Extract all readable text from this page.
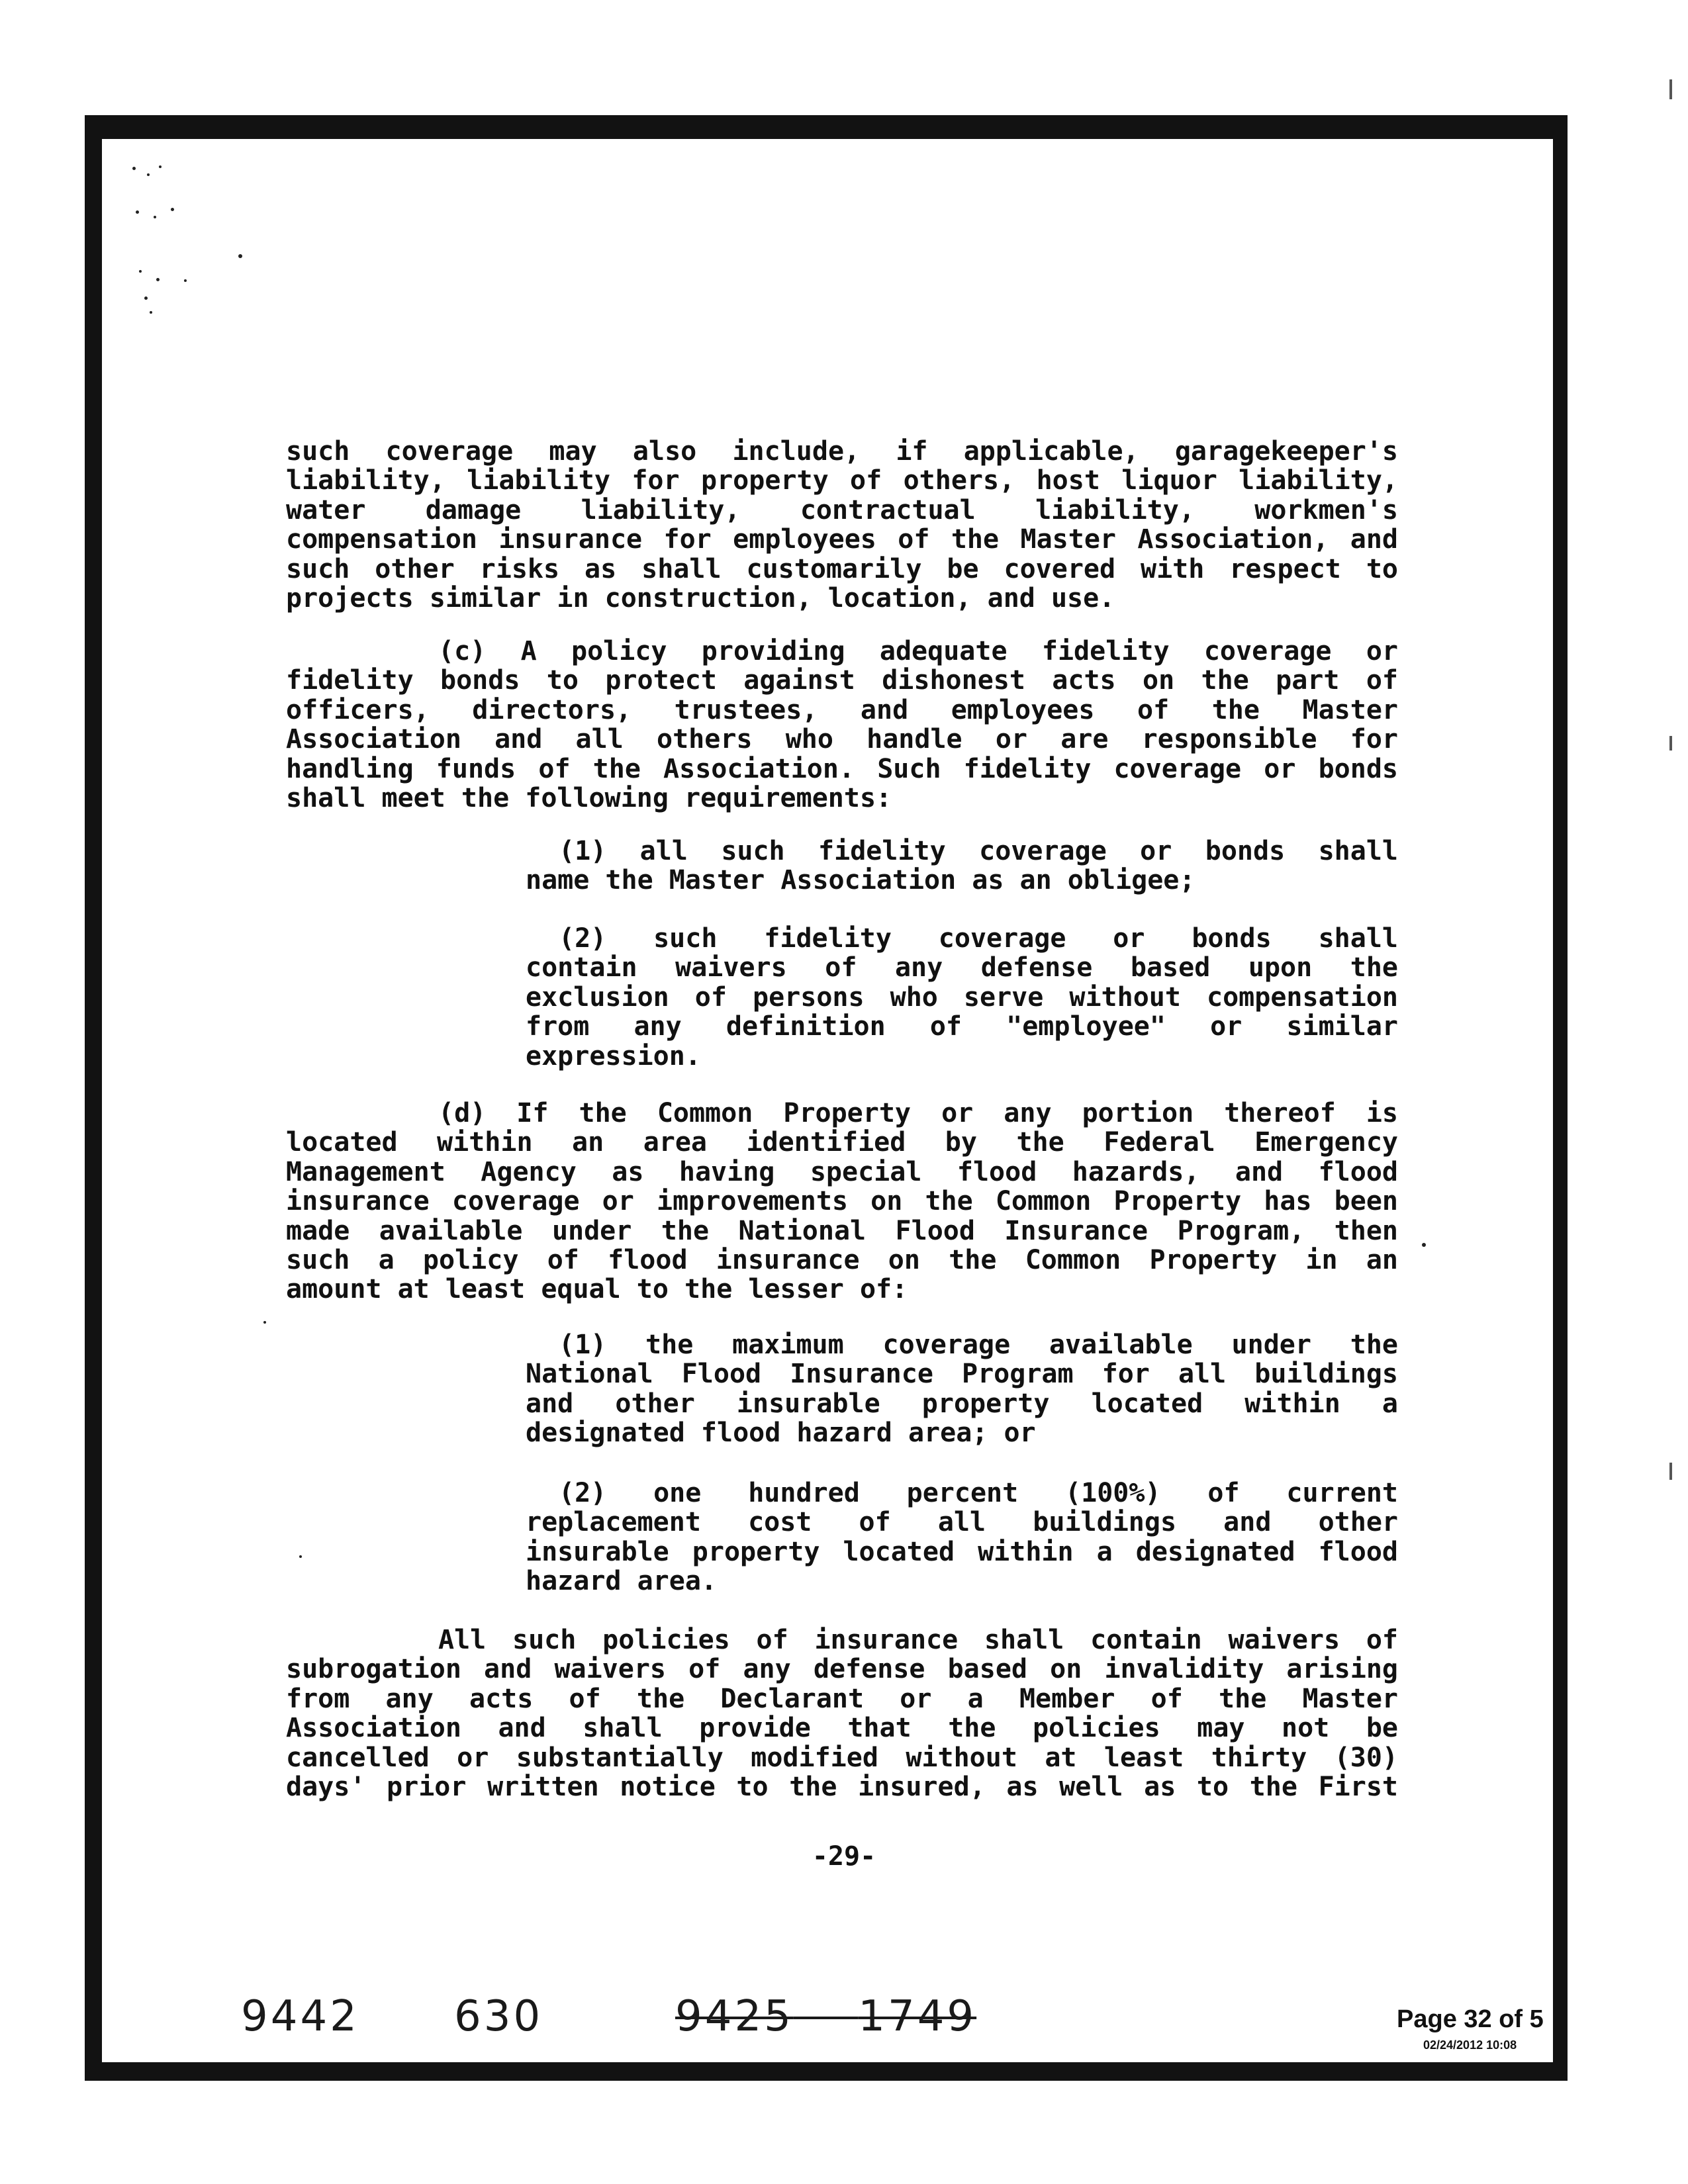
such coverage may also include, if applicable, garagekeeper's

liability, liability for property of others, host liquor liability,

water damage liability, contractual liability, workmen's

compensation insurance for employees of the Master Association, and

such other risks as shall customarily be covered with respect to

projects similar in construction, location, and use.

(c) A policy providing adequate fidelity coverage or

fidelity bonds to protect against dishonest acts on the part of

officers, directors, trustees, and employees of the Master

Association and all others who handle or are responsible for

handling funds of the Association. Such fidelity coverage or bonds

shall meet the following requirements:

(1) all such fidelity coverage or bonds shall

name the Master Association as an obligee;

(2) such fidelity coverage or bonds shall

contain waivers of any defense based upon the

exclusion of persons who serve without compensation

from any definition of "employee" or similar

expression.

(d) If the Common Property or any portion thereof is

located within an area identified by the Federal Emergency

Management Agency as having special flood hazards, and flood

insurance coverage or improvements on the Common Property has been

made available under the National Flood Insurance Program, then

such a policy of flood insurance on the Common Property in an

amount at least equal to the lesser of:

(1) the maximum coverage available under the

National Flood Insurance Program for all buildings

and other insurable property located within a

designated flood hazard area; or

(2) one hundred percent (100%) of current

replacement cost of all buildings and other

insurable property located within a designated flood

hazard area.

All such policies of insurance shall contain waivers of

subrogation and waivers of any defense based on invalidity arising

from any acts of the Declarant or a Member of the Master

Association and shall provide that the policies may not be

cancelled or substantially modified without at least thirty (30)

days' prior written notice to the insured, as well as to the First

-29-
9442 630	9425 1749	Page 32 of 5
02/24/2012 10:08
